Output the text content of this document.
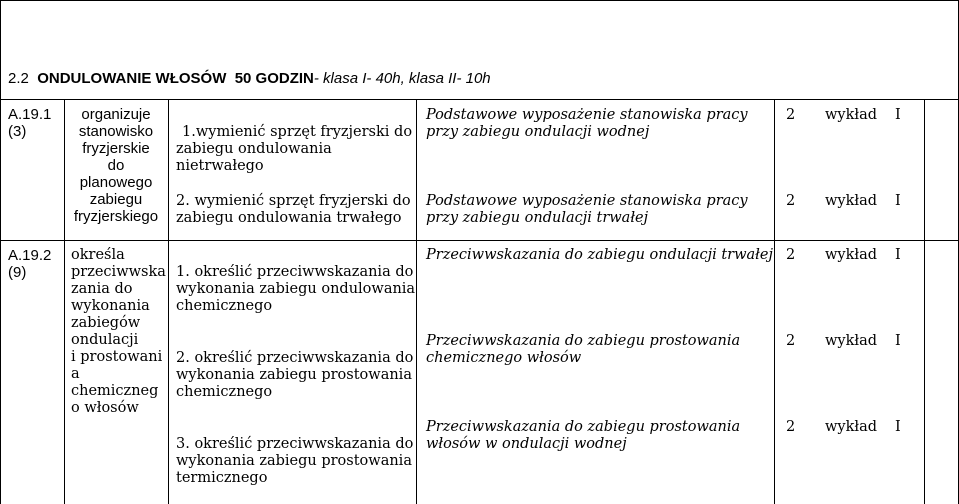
2.2 ONDULOWANIE WŁOSÓW 50 GODZIN- klasa I- 40h, klasa II- 10h
A.19.1
(3)
organizuje
stanowisko
fryzjerskie
do
planowego
zabiegu
fryzjerskiego
1.wymienić sprzęt fryzjerski do
zabiegu ondulowania
nietrwałego
2. wymienić sprzęt fryzjerski do
zabiegu ondulowania trwałego
Podstawowe wyposażenie stanowiska pracy
przy zabiegu ondulacji wodnej
Podstawowe wyposażenie stanowiska pracy
przy zabiegu ondulacji trwałej
2 wykład I
2 wykład I
A.19.2
(9)
określa
przeciwwska
zania do
wykonania
zabiegów
ondulacji
i prostowani
a
chemiczneg
o włosów
1. określić przeciwwskazania do
wykonania zabiegu ondulowania
chemicznego
2. określić przeciwwskazania do
wykonania zabiegu prostowania
chemicznego
3. określić przeciwwskazania do
wykonania zabiegu prostowania
termicznego
Przeciwwskazania do zabiegu ondulacji trwałej
Przeciwwskazania do zabiegu prostowania
chemicznego włosów
Przeciwwskazania do zabiegu prostowania
włosów w ondulacji wodnej
2 wykład I
2 wykład I
2 wykład I
